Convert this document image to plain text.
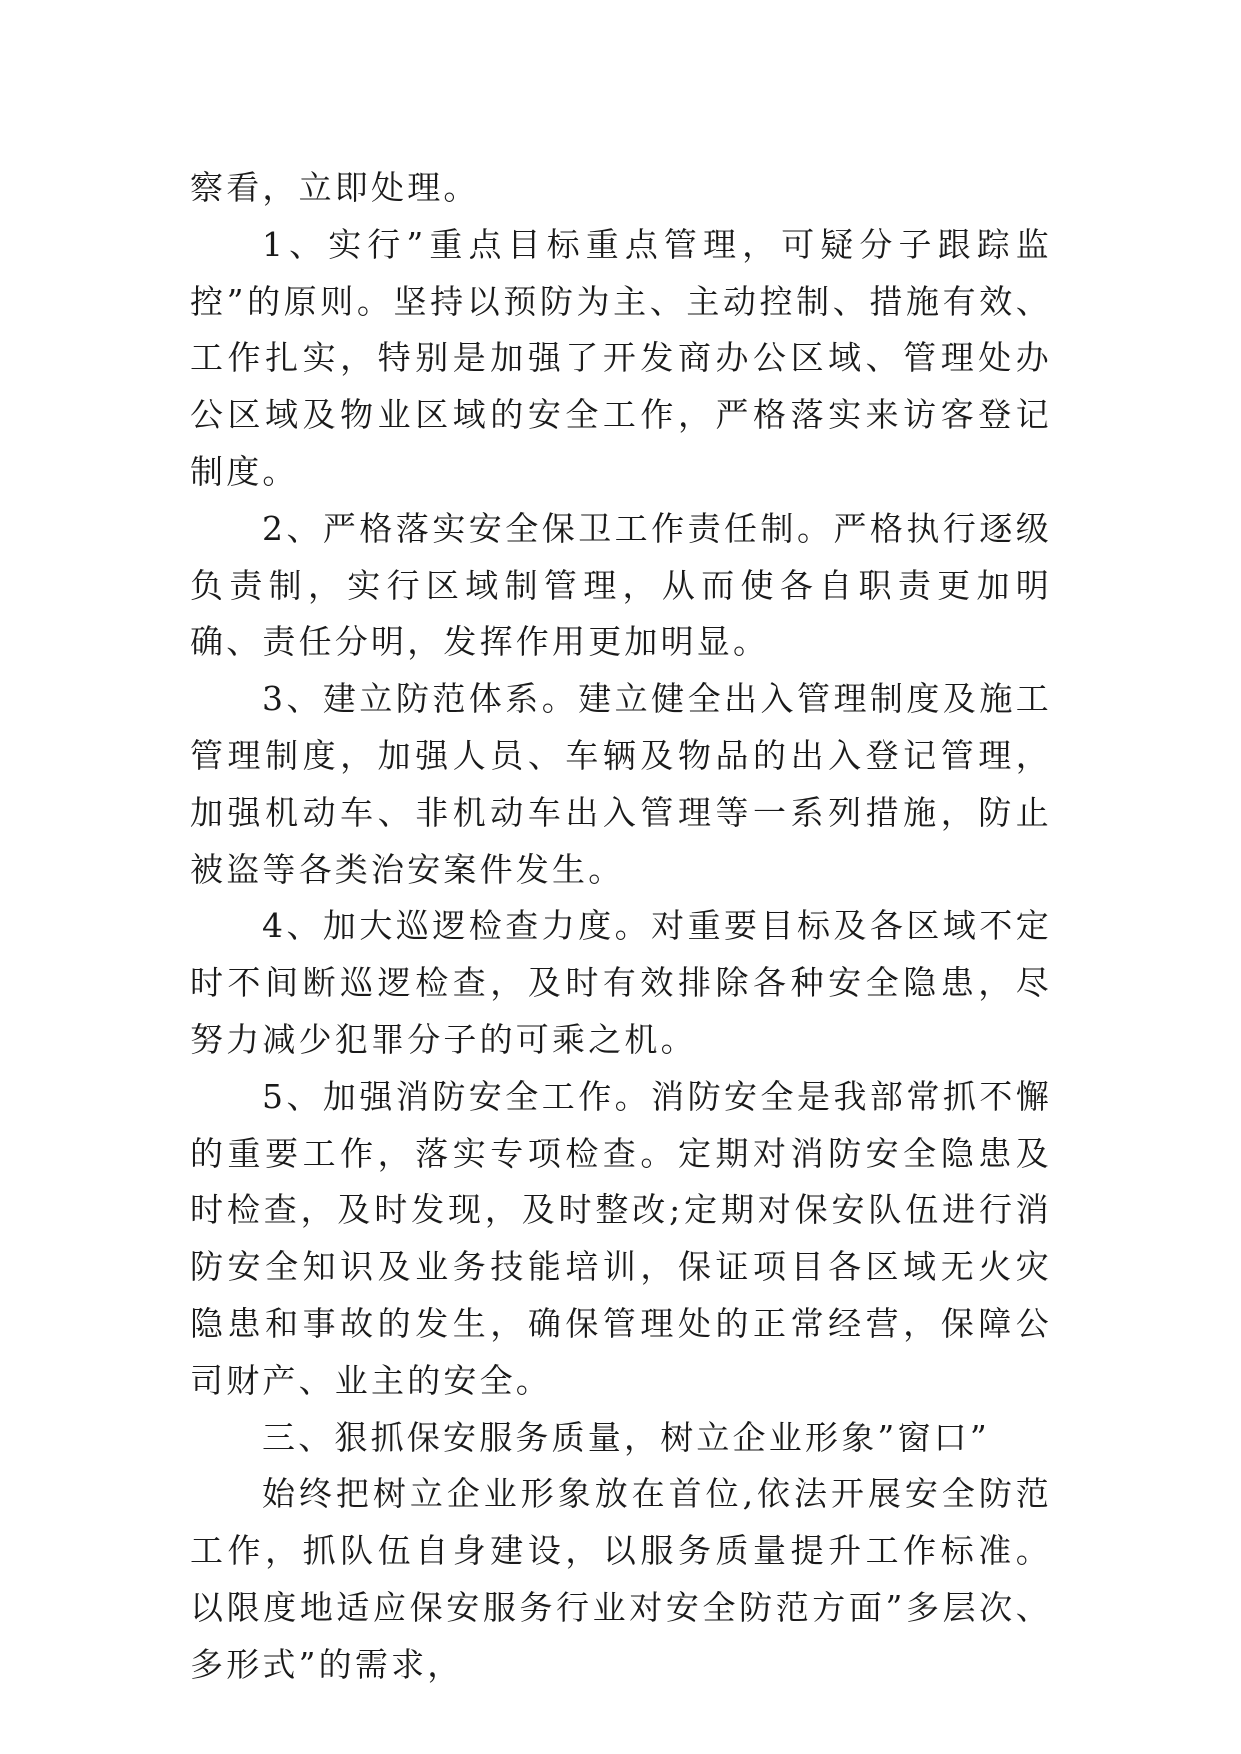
察看，立即处理。

1、实行”重点目标重点管理，可疑分子跟踪监控”的原则。坚持以预防为主、主动控制、措施有效、工作扎实，特别是加强了开发商办公区域、管理处办公区域及物业区域的安全工作，严格落实来访客登记制度。

2、严格落实安全保卫工作责任制。严格执行逐级负责制，实行区域制管理，从而使各自职责更加明确、责任分明，发挥作用更加明显。

3、建立防范体系。建立健全出入管理制度及施工管理制度，加强人员、车辆及物品的出入登记管理，加强机动车、非机动车出入管理等一系列措施，防止被盗等各类治安案件发生。

4、加大巡逻检查力度。对重要目标及各区域不定时不间断巡逻检查，及时有效排除各种安全隐患，尽努力减少犯罪分子的可乘之机。

5、加强消防安全工作。消防安全是我部常抓不懈的重要工作，落实专项检查。定期对消防安全隐患及时检查，及时发现，及时整改;定期对保安队伍进行消防安全知识及业务技能培训，保证项目各区域无火灾隐患和事故的发生，确保管理处的正常经营，保障公司财产、业主的安全。

三、狠抓保安服务质量，树立企业形象”窗口”

始终把树立企业形象放在首位,依法开展安全防范工作，抓队伍自身建设，以服务质量提升工作标准。以限度地适应保安服务行业对安全防范方面”多层次、多形式”的需求，
